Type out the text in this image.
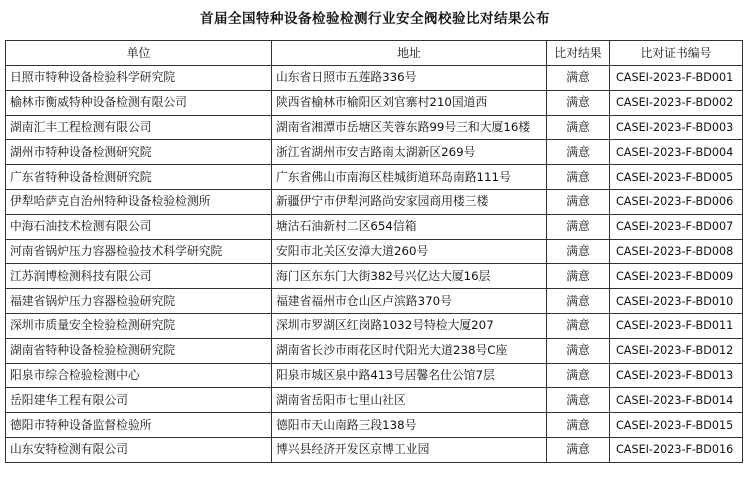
首届全国特种设备检验检测行业安全阀校验比对结果公布
单位	地址	比对结果	比对证书编号
日照市特种设备检验科学研究院	山东省日照市五莲路336号	满意	CASEI-2023-F-BD001
榆林市衡威特种设备检测有限公司	陕西省榆林市榆阳区刘官寨村210国道西	满意	CASEI-2023-F-BD002
湖南汇丰工程检测有限公司	湖南省湘潭市岳塘区芙蓉东路99号三和大厦16楼	满意	CASEI-2023-F-BD003
湖州市特种设备检测研究院	浙江省湖州市安吉路南太湖新区269号	满意	CASEI-2023-F-BD004
广东省特种设备检测研究院	广东省佛山市南海区桂城街道环岛南路111号	满意	CASEI-2023-F-BD005
伊犁哈萨克自治州特种设备检验检测所	新疆伊宁市伊犁河路尚安家园商用楼三楼	满意	CASEI-2023-F-BD006
中海石油技术检测有限公司	塘沽石油新村二区654信箱	满意	CASEI-2023-F-BD007
河南省锅炉压力容器检验技术科学研究院	安阳市北关区安漳大道260号	满意	CASEI-2023-F-BD008
江苏润博检测科技有限公司	海门区东东门大街382号兴亿达大厦16层	满意	CASEI-2023-F-BD009
福建省锅炉压力容器检验研究院	福建省福州市仓山区卢滨路370号	满意	CASEI-2023-F-BD010
深圳市质量安全检验检测研究院	深圳市罗湖区红岗路1032号特检大厦207	满意	CASEI-2023-F-BD011
湖南省特种设备检验检测研究院	湖南省长沙市雨花区时代阳光大道238号C座	满意	CASEI-2023-F-BD012
阳泉市综合检验检测中心	阳泉市城区泉中路413号居馨名仕公馆7层	满意	CASEI-2023-F-BD013
岳阳建华工程有限公司	湖南省岳阳市七里山社区	满意	CASEI-2023-F-BD014
德阳市特种设备监督检验所	德阳市天山南路三段138号	满意	CASEI-2023-F-BD015
山东安特检测有限公司	博兴县经济开发区京博工业园	满意	CASEI-2023-F-BD016
